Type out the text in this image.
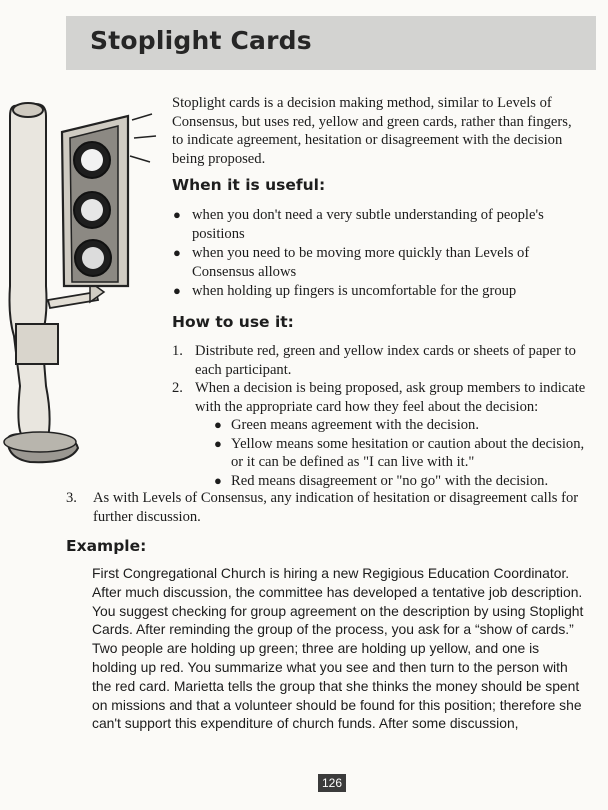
Stoplight Cards
Stoplight cards is a decision making method, similar to Levels of Consensus, but uses red, yellow and green cards, rather than fingers, to indicate agreement, hesitation or disagreement with the decision being proposed.
When it is useful:
● when you don't need a very subtle understanding of people's positions
● when you need to be moving more quickly than Levels of Consensus allows
● when holding up fingers is uncomfortable for the group
How to use it:
1. Distribute red, green and yellow index cards or sheets of paper to each participant.
2. When a decision is being proposed, ask group members to indicate with the appropriate card how they feel about the decision:
● Green means agreement with the decision.
● Yellow means some hesitation or caution about the decision, or it can be defined as "I can live with it."
● Red means disagreement or "no go" with the decision.
3. As with Levels of Consensus, any indication of hesitation or disagreement calls for further discussion.
Example:
First Congregational Church is hiring a new Regigious Education Coordinator. After much discussion, the committee has developed a tentative job description. You suggest checking for group agreement on the description by using Stoplight Cards. After reminding the group of the process, you ask for a “show of cards.” Two people are holding up green; three are holding up yellow, and one is holding up red. You summarize what you see and then turn to the person with the red card. Marietta tells the group that she thinks the money should be spent on missions and that a volunteer should be found for this position; therefore she can't support this expenditure of church funds. After some discussion,
126
